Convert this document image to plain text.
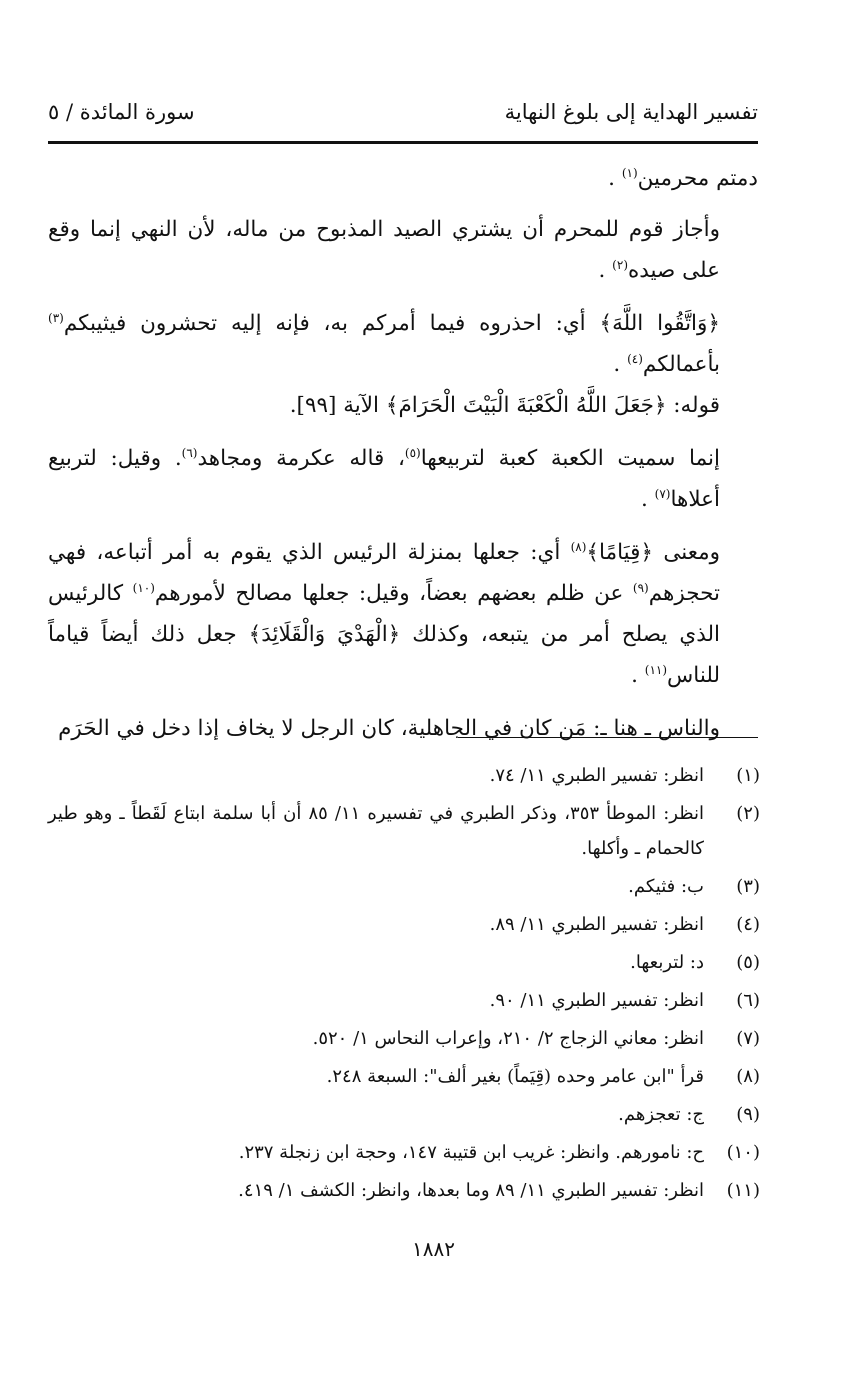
تفسير الهداية إلى بلوغ النهاية
سورة المائدة / ٥

دمتم محرمين$^{(١)}$ .

وأجاز قوم للمحرم أن يشتري الصيد المذبوح من ماله، لأن النهي إنما وقع على صيده$^{(٢)}$ .

﴿وَاتَّقُوا اللَّهَ﴾ أي: احذروه فيما أمركم به، فإنه إليه تحشرون فيثيبكم$^{(٣)}$ بأعمالكم$^{(٤)}$ .

قوله: ﴿جَعَلَ اللَّهُ الْكَعْبَةَ الْبَيْتَ الْحَرَامَ﴾ الآية [٩٩].

إنما سميت الكعبة كعبة لتربيعها$^{(٥)}$، قاله عكرمة ومجاهد$^{(٦)}$. وقيل: لتربيع أعلاها$^{(٧)}$ .

ومعنى ﴿قِيَامًا﴾$^{(٨)}$ أي: جعلها بمنزلة الرئيس الذي يقوم به أمر أتباعه، فهي تحجزهم$^{(٩)}$ عن ظلم بعضهم بعضاً، وقيل: جعلها مصالح لأمورهم$^{(١٠)}$ كالرئيس الذي يصلح أمر من يتبعه، وكذلك ﴿الْهَدْيَ وَالْقَلَائِدَ﴾ جعل ذلك أيضاً قياماً للناس$^{(١١)}$ .

والناس ـ هنا ـ: مَن كان في الجاهلية، كان الرجل لا يخاف إذا دخل في الحَرَم

(١)
انظر: تفسير الطبري ١١/ ٧٤.
(٢)
انظر: الموطأ ٣٥٣، وذكر الطبري في تفسيره ١١/ ٨٥ أن أبا سلمة ابتاع لَقَطاً ـ وهو طير كالحمام ـ وأكلها.
(٣)
ب: فثيكم.
(٤)
انظر: تفسير الطبري ١١/ ٨٩.
(٥)
د: لتربعها.
(٦)
انظر: تفسير الطبري ١١/ ٩٠.
(٧)
انظر: معاني الزجاج ٢/ ٢١٠، وإعراب النحاس ١/ ٥٢٠.
(٨)
قرأ "ابن عامر وحده (قِيَماً) بغير ألف": السبعة ٢٤٨.
(٩)
ج: تعجزهم.
(١٠)
ح: نامورهم. وانظر: غريب ابن قتيبة ١٤٧، وحجة ابن زنجلة ٢٣٧.
(١١)
انظر: تفسير الطبري ١١/ ٨٩ وما بعدها، وانظر: الكشف ١/ ٤١٩.
١٨٨٢
